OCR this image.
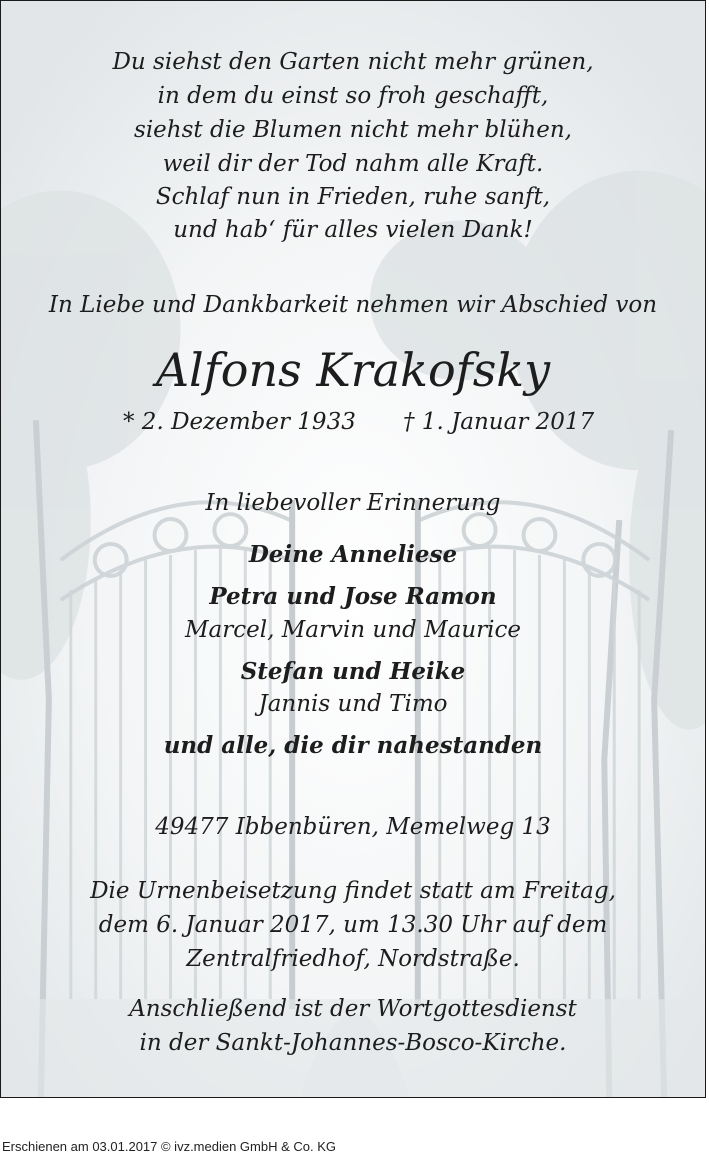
Du siehst den Garten nicht mehr grünen,
in dem du einst so froh geschafft,
siehst die Blumen nicht mehr blühen,
weil dir der Tod nahm alle Kraft.
Schlaf nun in Frieden, ruhe sanft,
und hab‘ für alles vielen Dank!
In Liebe und Dankbarkeit nehmen wir Abschied von
Alfons Krakofsky
* 2. Dezember 1933 † 1. Januar 2017
In liebevoller Erinnerung
Deine Anneliese
Petra und Jose Ramon
Marcel, Marvin und Maurice
Stefan und Heike
Jannis und Timo
und alle, die dir nahestanden
49477 Ibbenbüren, Memelweg 13
Die Urnenbeisetzung findet statt am Freitag,
dem 6. Januar 2017, um 13.30 Uhr auf dem
Zentralfriedhof, Nordstraße.
Anschließend ist der Wortgottesdienst
in der Sankt-Johannes-Bosco-Kirche.
Erschienen am 03.01.2017 © ivz.medien GmbH & Co. KG
